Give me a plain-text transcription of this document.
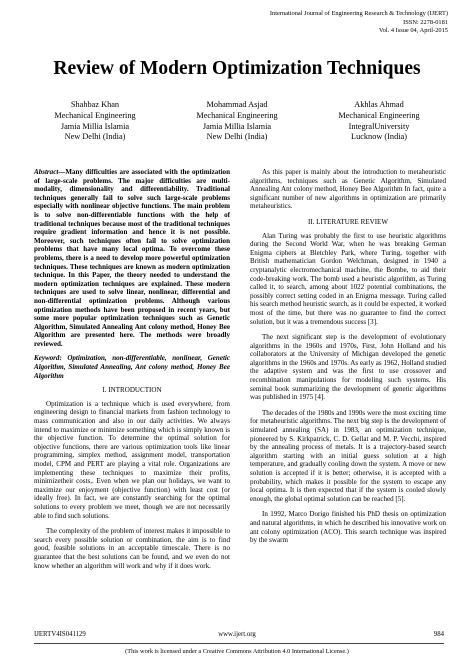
International Journal of Engineering Research & Technology (IJERT)
ISSN: 2278-0181
Vol. 4 Issue 04, April-2015
Review of Modern Optimization Techniques
Shahbaz Khan
Mechanical Engineering
Jamia Millia Islamia
New Delhi (India)
Mohammad Asjad
Mechanical Engineering
Jamia Millia Islamia
New Delhi (India)
Akhlas Ahmad
Mechanical Engineering
IntegralUniversity
Lucknow (India)
Abstract—Many difficulties are associated with the optimization of large-scale problems. The major difficulties are multi-modality, dimensionality and differentiability. Traditional techniques generally fail to solve such large-scale problems especially with nonlinear objective functions. The main problem is to solve non-differentiable functions with the help of traditional techniques because most of the traditional techniques require gradient information and hence it is not possible. Moreover, such techniques often fail to solve optimization problems that have many local optima. To overcome these problems, there is a need to develop more powerful optimization techniques. These techniques are known as modern optimization technique. In this Paper, the theory needed to understand the modern optimization techniques are explained. These modern techniques are used to solve linear, nonlinear, differential and non-differential optimization problems. Although various optimization methods have been proposed in recent years, but some more popular optimization techniques such as Genetic Algorithm, Simulated Annealing Ant colony method, Honey Bee Algorithm are presented here. The methods were broadly reviewed.
Keyword: Optimization, non-differentiable, nonlinear, Genetic Algorithm, Simulated Annealing, Ant colony method, Honey Bee Algorithm
I. INTRODUCTION

Optimization is a technique which is used everywhere, from engineering design to financial markets from fashion technology to mass communication and also in our daily activities. We always intend to maximize or minimize something which is simply known is the objective function. To determine the optimal solution for objective functions, there are various optimization tools like linear programming, simplex method, assignment model, transportation model, CPM and PERT are playing a vital role. Organizations are implementing these techniques to maximize their profits, minimizetheir costs,. Even when we plan our holidays, we want to maximize our enjoyment (objective function) with least cost (or ideally free). In fact, we are constantly searching for the optimal solutions to every problem we meet, though we are not necessarily able to find such solutions.

The complexity of the problem of interest makes it impossible to search every possible solution or combination, the aim is to find good, feasible solutions in an acceptable timescale. There is no guarantee that the best solutions can be found, and we even do not know whether an algorithm will work and why if it does work.

As this paper is mainly about the introduction to metaheuristic algorithms, techniques such as Genetic Algorithm, Simulated Annealing Ant colony method, Honey Bee Algorithm In fact, quite a significant number of new algorithms in optimization are primarily metaheuristics.

II. LITERATURE REVIEW

Alan Turing was probably the first to use heuristic algorithms during the Second World War, when he was breaking German Enigma ciphers at Bletchley Park, where Turing, together with British mathematician Gordon Welchman, designed in 1940 a cryptanalytic electromechanical machine, the Bombe, to aid their code-breaking work. The bomb used a heuristic algorithm, as Turing called it, to search, among about 1022 potential combinations, the possibly correct setting coded in an Enigma message. Turing called his search method heuristic search, as it could be expected, it worked most of the time, but there was no guarantee to find the correct solution, but it was a tremendous success [3].

The next significant step is the development of evolutionary algorithms in the 1960s and 1970s, First, John Holland and his collaborators at the University of Michigan developed the genetic algorithms in the 1960s and 1970s. As early as 1962, Holland studied the adaptive system and was the first to use crossover and recombination manipulations for modeling such systems. His seminal book summarizing the development of genetic algorithms was published in 1975 [4].

The decades of the 1980s and 1990s were the most exciting time for metaheuristic algorithms. The next big step is the development of simulated annealing (SA) in 1983, an optimization technique, pioneered by S. Kirkpatrick, C. D. Gellat and M. P. Vecchi, inspired by the annealing process of metals. It is a trajectory-based search algorithm starting with an initial guess solution at a high temperature, and gradually cooling down the system. A move or new solution is accepted if it is better; otherwise, it is accepted with a probability, which makes it possible for the system to escape any local optima. It is then expected that if the system is cooled slowly enough, the global optimal solution can be reached [5].

In 1992, Marco Dorigo finished his PhD thesis on optimization and natural algorithms, in which he described his innovative work on ant colony optimization (ACO). This search technique was inspired by the swarm

IJERTV4IS041129	www.ijert.org	984
(This work is licensed under a Creative Commons Attribution 4.0 International License.)
